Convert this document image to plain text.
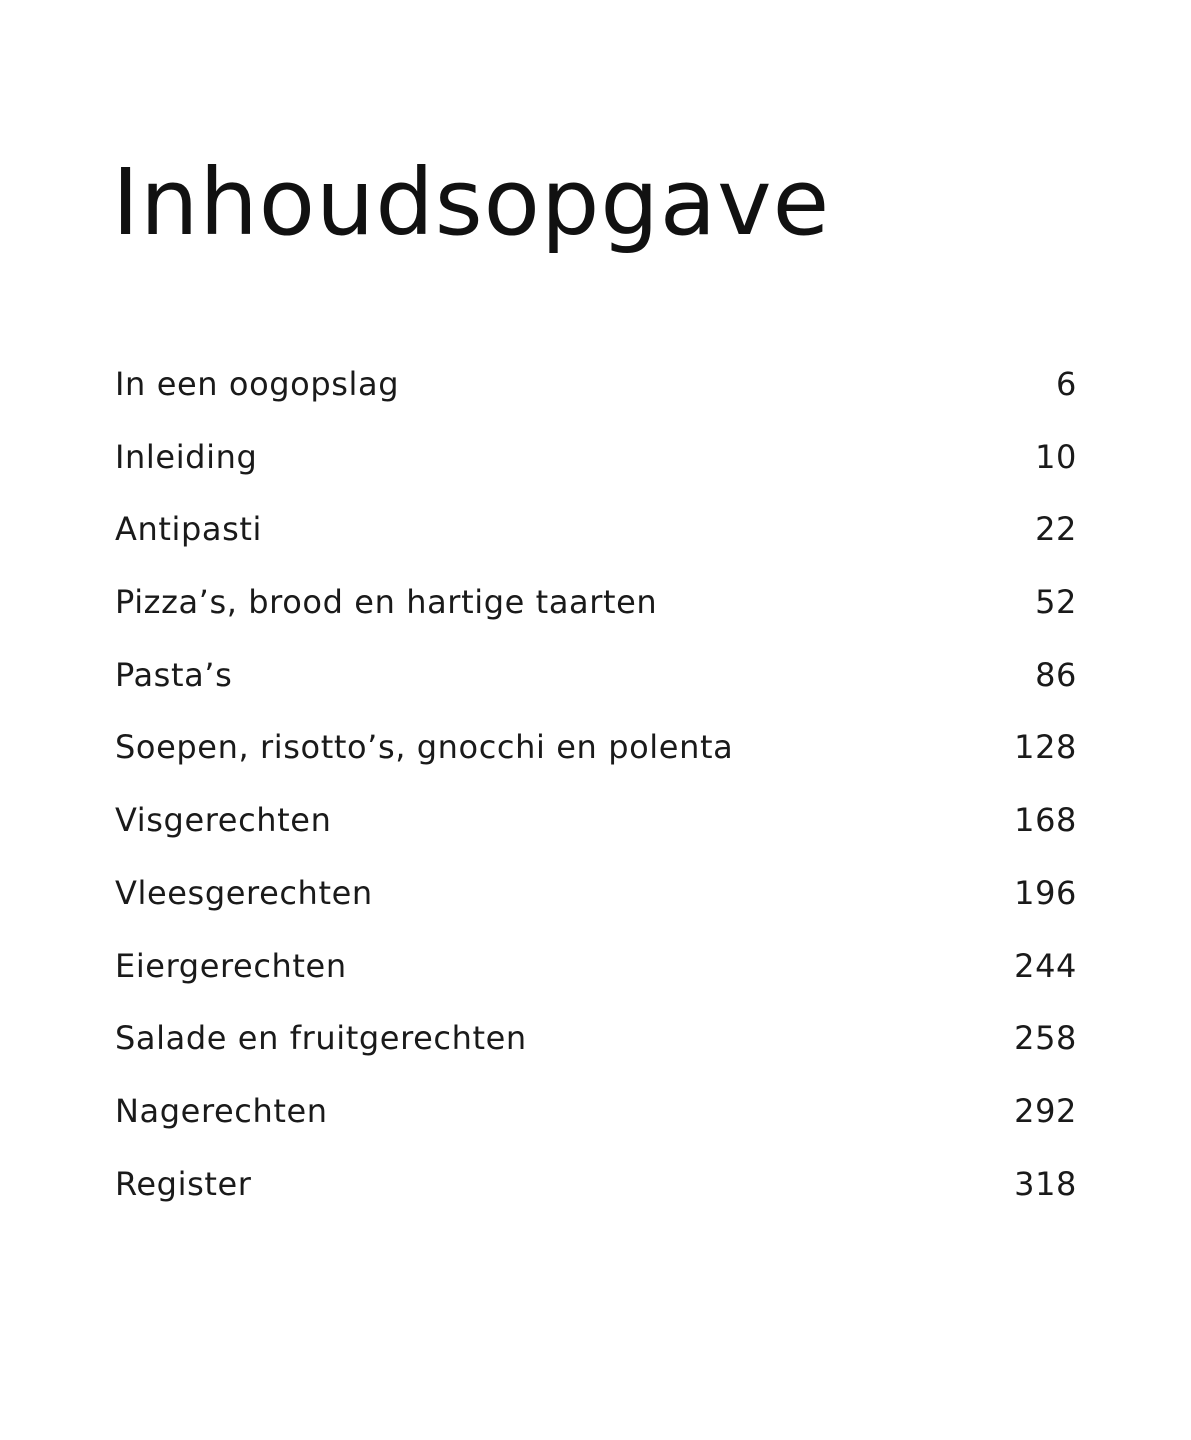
Inhoudsopgave
In een oogopslag	6
Inleiding	10
Antipasti	22
Pizza’s, brood en hartige taarten	52
Pasta’s	86
Soepen, risotto’s, gnocchi en polenta	128
Visgerechten	168
Vleesgerechten	196
Eiergerechten	244
Salade en fruitgerechten	258
Nagerechten	292
Register	318
